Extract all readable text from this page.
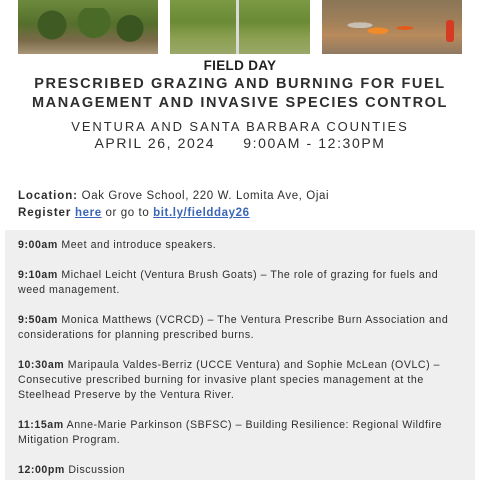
FIELD DAY
PRESCRIBED GRAZING AND BURNING FOR FUEL MANAGEMENT AND INVASIVE SPECIES CONTROL
VENTURA AND SANTA BARBARA COUNTIES
APRIL 26, 2024 9:00AM - 12:30PM
Location: Oak Grove School, 220 W. Lomita Ave, Ojai
Register here or go to bit.ly/fieldday26
9:00am Meet and introduce speakers.
9:10am Michael Leicht (Ventura Brush Goats) – The role of grazing for fuels and weed management.
9:50am Monica Matthews (VCRCD) – The Ventura Prescribe Burn Association and considerations for planning prescribed burns.
10:30am Maripaula Valdes-Berriz (UCCE Ventura) and Sophie McLean (OVLC) – Consecutive prescribed burning for invasive plant species management at the Steelhead Preserve by the Ventura River.
11:15am Anne-Marie Parkinson (SBFSC) – Building Resilience: Regional Wildfire Mitigation Program.
12:00pm Discussion
